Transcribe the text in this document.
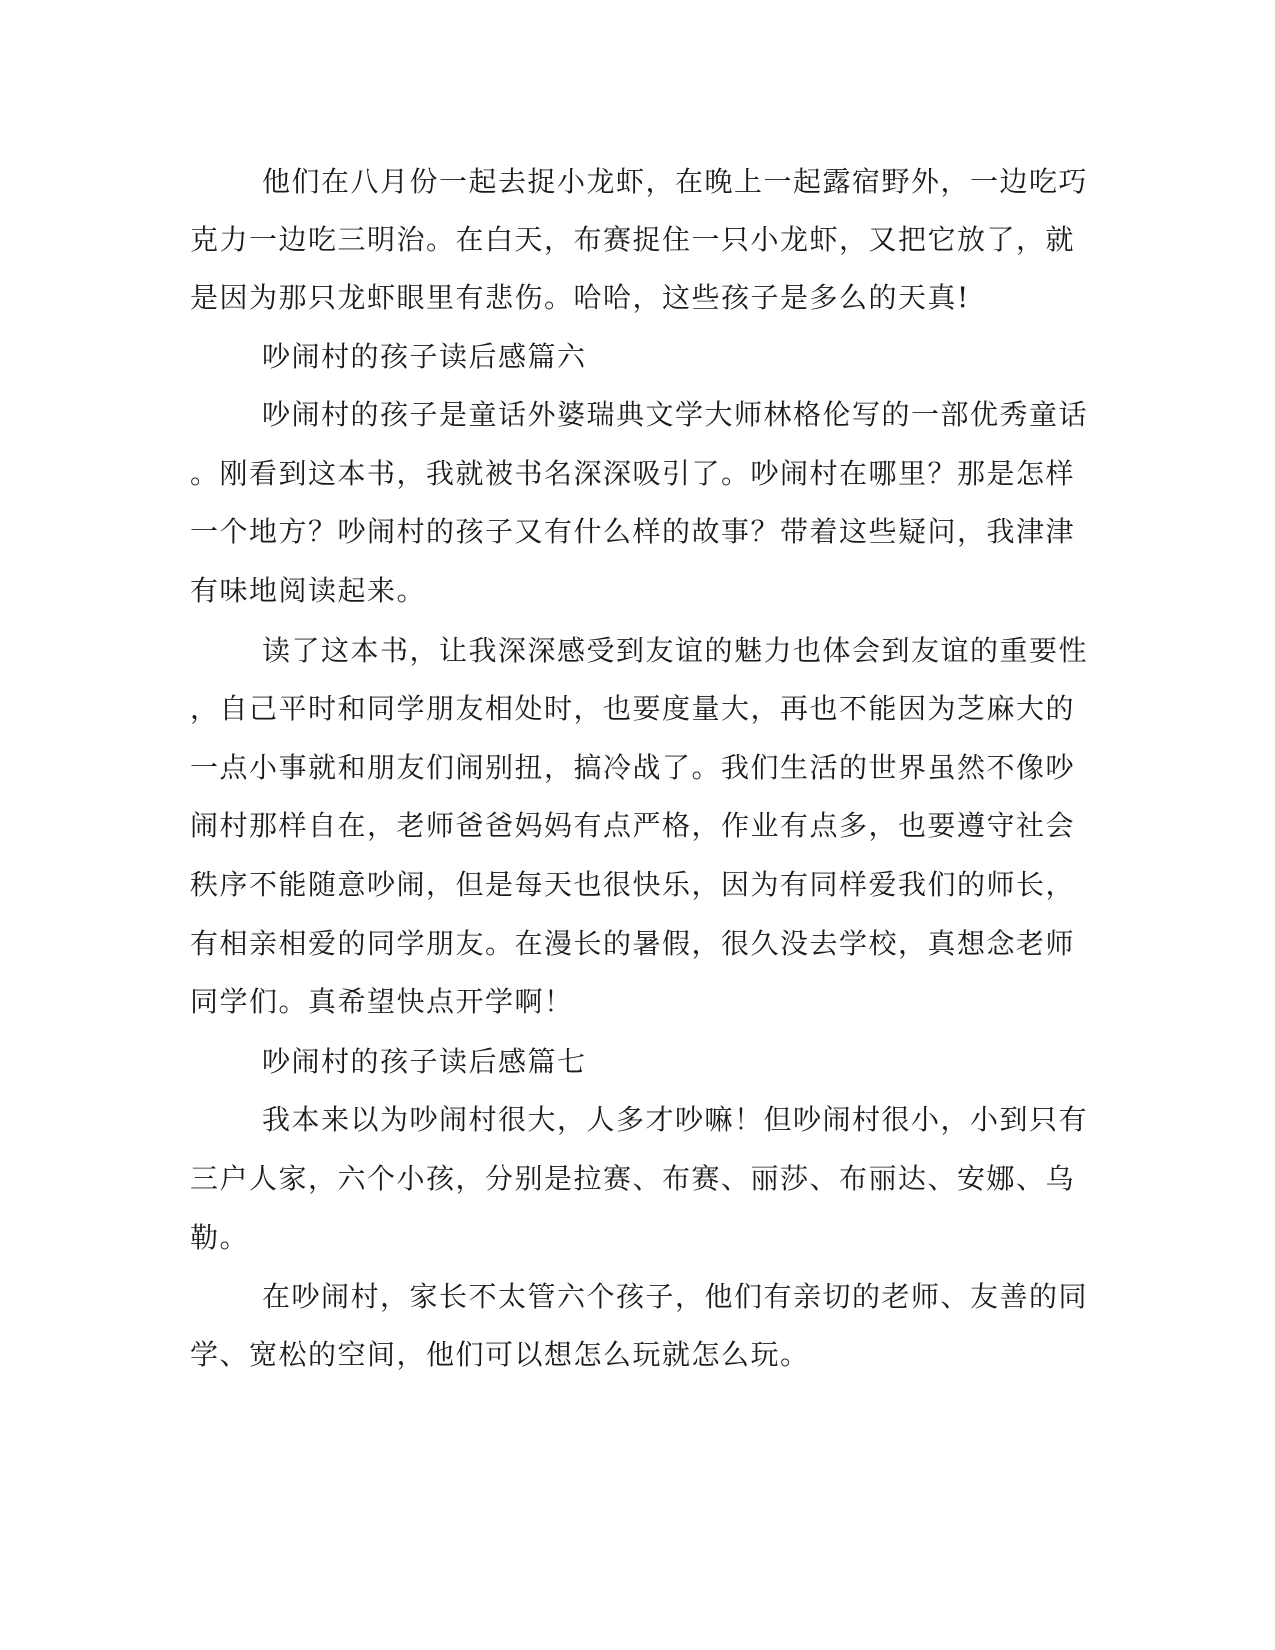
他们在八月份一起去捉小龙虾，在晚上一起露宿野外，一边吃巧
克力一边吃三明治。在白天，布赛捉住一只小龙虾，又把它放了，就
是因为那只龙虾眼里有悲伤。哈哈，这些孩子是多么的天真!
吵闹村的孩子读后感篇六
吵闹村的孩子是童话外婆瑞典文学大师林格伦写的一部优秀童话
。刚看到这本书，我就被书名深深吸引了。吵闹村在哪里？那是怎样
一个地方？吵闹村的孩子又有什么样的故事？带着这些疑问，我津津
有味地阅读起来。
读了这本书，让我深深感受到友谊的魅力也体会到友谊的重要性
，自己平时和同学朋友相处时，也要度量大，再也不能因为芝麻大的
一点小事就和朋友们闹别扭，搞冷战了。我们生活的世界虽然不像吵
闹村那样自在，老师爸爸妈妈有点严格，作业有点多，也要遵守社会
秩序不能随意吵闹，但是每天也很快乐，因为有同样爱我们的师长，
有相亲相爱的同学朋友。在漫长的暑假，很久没去学校，真想念老师
同学们。真希望快点开学啊！
吵闹村的孩子读后感篇七
我本来以为吵闹村很大，人多才吵嘛！但吵闹村很小，小到只有
三户人家，六个小孩，分别是拉赛、布赛、丽莎、布丽达、安娜、乌
勒。
在吵闹村，家长不太管六个孩子，他们有亲切的老师、友善的同
学、宽松的空间，他们可以想怎么玩就怎么玩。
